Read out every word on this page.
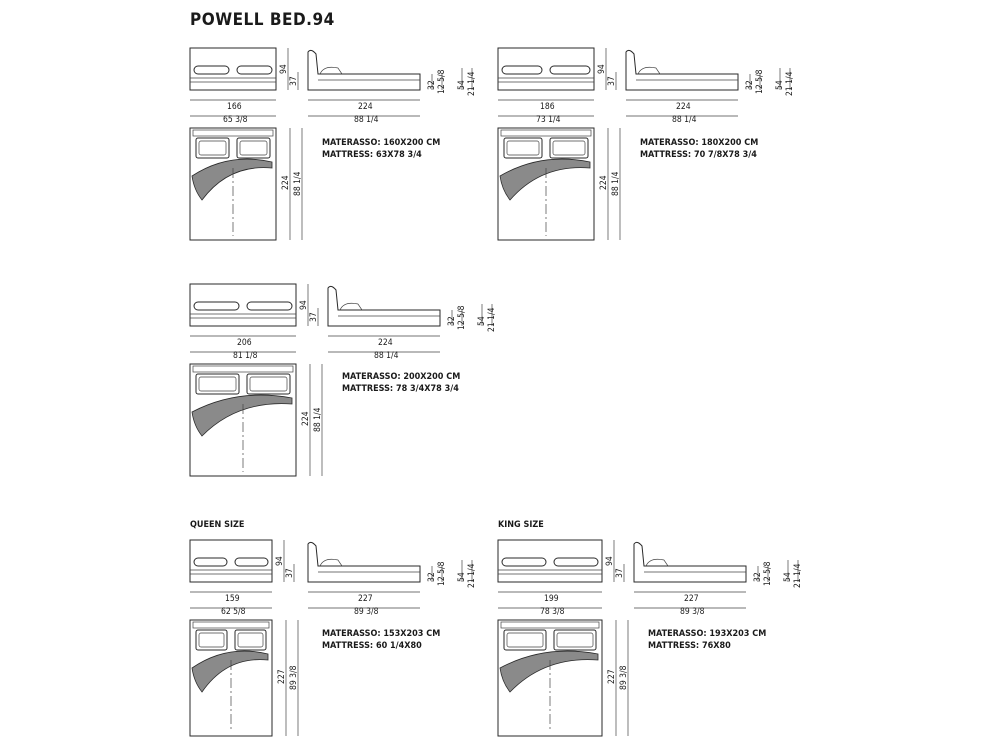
POWELL BED.94
94
37
166
65 3/8
224
88 1/4
32 12 5/8 54 21 1/4
224 88 1/4
MATERASSO: 160X200 CM
MATTRESS: 63X78 3/4
94
37
186
73 1/4
224
88 1/4
32 12 5/8 54 21 1/4
224 88 1/4
MATERASSO: 180X200 CM
MATTRESS: 70 7/8X78 3/4
94
37
206
81 1/8
224
88 1/4
32 12 5/8 54 21 1/4
224 88 1/4
MATERASSO: 200X200 CM
MATTRESS: 78 3/4X78 3/4
QUEEN SIZE
94
37
159
62 5/8
227
89 3/8
32 12 5/8 54 21 1/4
227 89 3/8
MATERASSO: 153X203 CM
MATTRESS: 60 1/4X80
KING SIZE
94
37
199
78 3/8
227
89 3/8
32 12 5/8 54 21 1/4
227 89 3/8
MATERASSO: 193X203 CM
MATTRESS: 76X80
